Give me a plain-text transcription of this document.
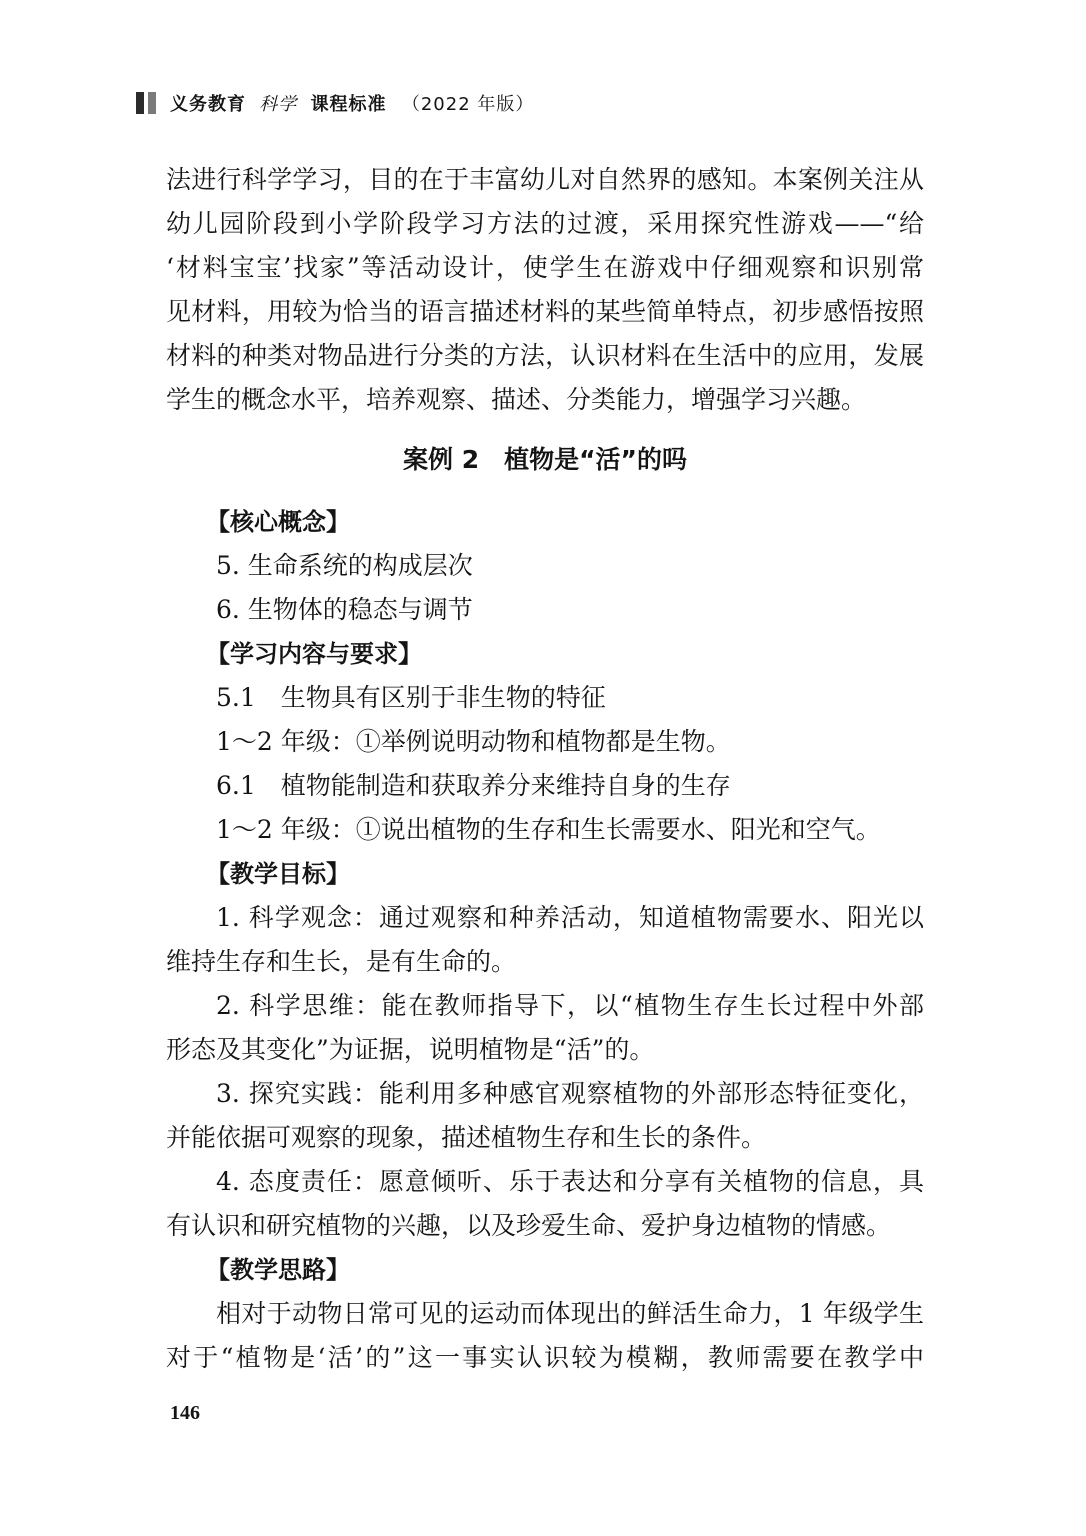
义务教育 科学 课程标准 （2022 年版）
法进行科学学习，目的在于丰富幼儿对自然界的感知。本案例关注从
幼儿园阶段到小学阶段学习方法的过渡，采用探究性游戏——“给
‘材料宝宝’找家”等活动设计，使学生在游戏中仔细观察和识别常
见材料，用较为恰当的语言描述材料的某些简单特点，初步感悟按照
材料的种类对物品进行分类的方法，认识材料在生活中的应用，发展
学生的概念水平，培养观察、描述、分类能力，增强学习兴趣。
案例 2　植物是“活”的吗
【核心概念】
5. 生命系统的构成层次
6. 生物体的稳态与调节
【学习内容与要求】
5.1　生物具有区别于非生物的特征
1～2 年级：①举例说明动物和植物都是生物。
6.1　植物能制造和获取养分来维持自身的生存
1～2 年级：①说出植物的生存和生长需要水、阳光和空气。
【教学目标】
1. 科学观念：通过观察和种养活动，知道植物需要水、阳光以
维持生存和生长，是有生命的。
2. 科学思维：能在教师指导下，以“植物生存生长过程中外部
形态及其变化”为证据，说明植物是“活”的。
3. 探究实践：能利用多种感官观察植物的外部形态特征变化，
并能依据可观察的现象，描述植物生存和生长的条件。
4. 态度责任：愿意倾听、乐于表达和分享有关植物的信息，具
有认识和研究植物的兴趣，以及珍爱生命、爱护身边植物的情感。
【教学思路】
相对于动物日常可见的运动而体现出的鲜活生命力，1 年级学生
对于“植物是‘活’的”这一事实认识较为模糊，教师需要在教学中
146
